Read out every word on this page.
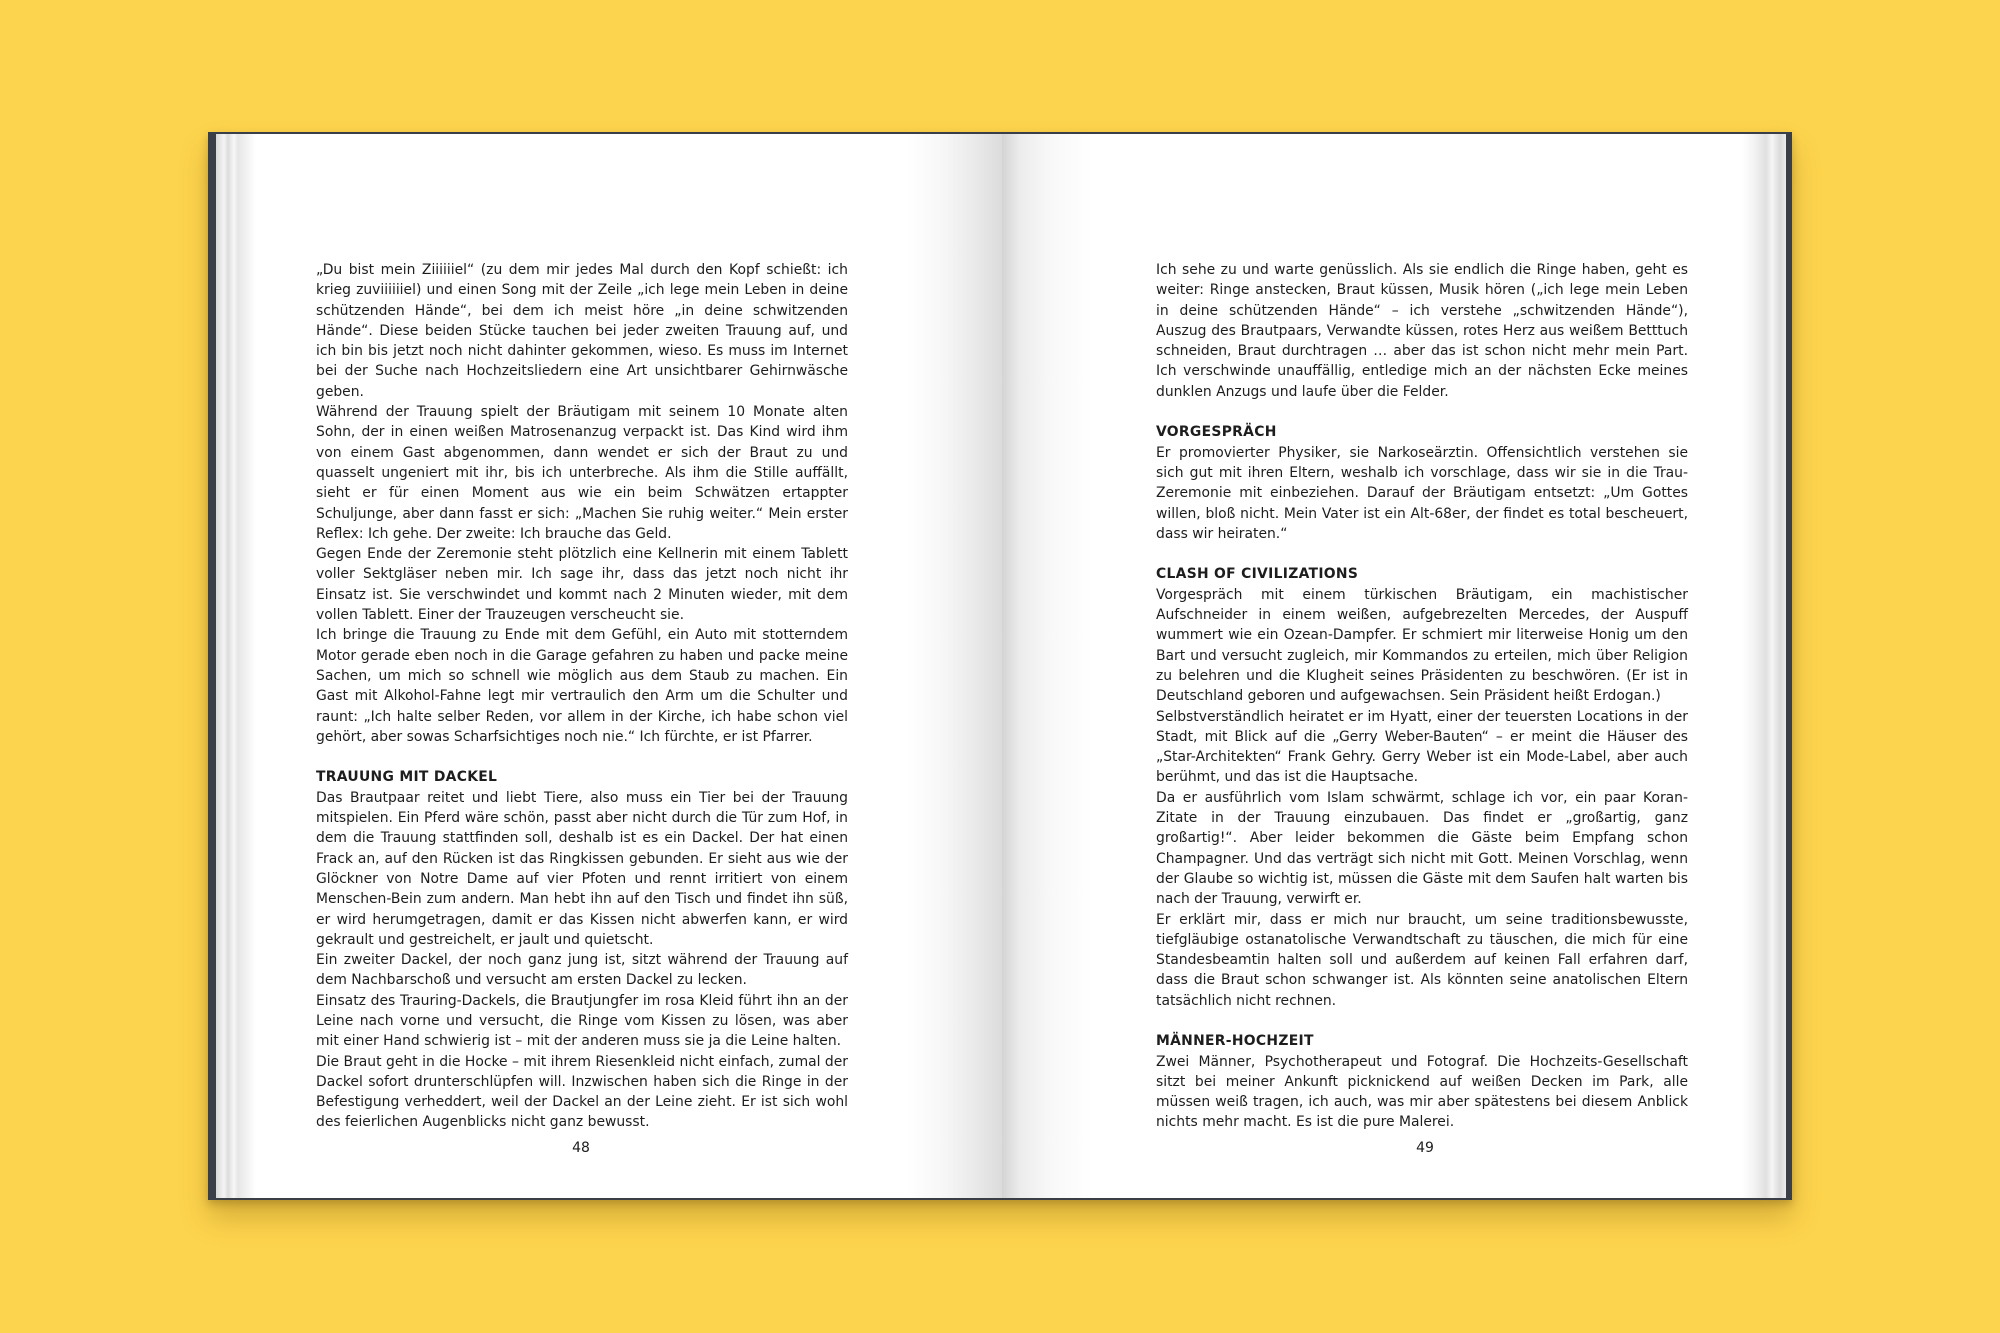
„Du bist mein Ziiiiiiel“ (zu dem mir jedes Mal durch den Kopf schießt: ich krieg zuviiiiiiel) und einen Song mit der Zeile „ich lege mein Leben in deine schützenden Hände“, bei dem ich meist höre „in deine schwitzenden Hände“. Diese beiden Stücke tauchen bei jeder zweiten Trauung auf, und ich bin bis jetzt noch nicht dahinter gekommen, wieso. Es muss im Internet bei der Suche nach Hochzeitsliedern eine Art unsichtbarer Gehirnwäsche geben.

Während der Trauung spielt der Bräutigam mit seinem 10 Monate alten Sohn, der in einen weißen Matrosenanzug verpackt ist. Das Kind wird ihm von einem Gast abgenommen, dann wendet er sich der Braut zu und quasselt ungeniert mit ihr, bis ich unterbreche. Als ihm die Stille auffällt, sieht er für einen Moment aus wie ein beim Schwätzen ertappter Schuljunge, aber dann fasst er sich: „Machen Sie ruhig weiter.“ Mein erster Reflex: Ich gehe. Der zweite: Ich brauche das Geld.

Gegen Ende der Zeremonie steht plötzlich eine Kellnerin mit einem Tablett voller Sektgläser neben mir. Ich sage ihr, dass das jetzt noch nicht ihr Einsatz ist. Sie verschwindet und kommt nach 2 Minuten wieder, mit dem vollen Tablett. Einer der Trauzeugen verscheucht sie.

Ich bringe die Trauung zu Ende mit dem Gefühl, ein Auto mit stotterndem Motor gerade eben noch in die Garage gefahren zu haben und packe meine Sachen, um mich so schnell wie möglich aus dem Staub zu machen. Ein Gast mit Alkohol-Fahne legt mir vertraulich den Arm um die Schulter und raunt: „Ich halte selber Reden, vor allem in der Kirche, ich habe schon viel gehört, aber sowas Scharfsichtiges noch nie.“ Ich fürchte, er ist Pfarrer.

TRAUUNG MIT DACKEL

Das Brautpaar reitet und liebt Tiere, also muss ein Tier bei der Trauung mitspielen. Ein Pferd wäre schön, passt aber nicht durch die Tür zum Hof, in dem die Trauung stattfinden soll, deshalb ist es ein Dackel. Der hat einen Frack an, auf den Rücken ist das Ringkissen gebunden. Er sieht aus wie der Glöckner von Notre Dame auf vier Pfoten und rennt irritiert von einem Menschen-Bein zum andern. Man hebt ihn auf den Tisch und findet ihn süß, er wird herumgetragen, damit er das Kissen nicht abwerfen kann, er wird gekrault und gestreichelt, er jault und quietscht.

Ein zweiter Dackel, der noch ganz jung ist, sitzt während der Trauung auf dem Nachbarschoß und versucht am ersten Dackel zu lecken.

Einsatz des Trauring-Dackels, die Brautjungfer im rosa Kleid führt ihn an der Leine nach vorne und versucht, die Ringe vom Kissen zu lösen, was aber mit einer Hand schwierig ist – mit der anderen muss sie ja die Leine halten.

Die Braut geht in die Hocke – mit ihrem Riesenkleid nicht einfach, zumal der Dackel sofort drunterschlüpfen will. Inzwischen haben sich die Ringe in der Befestigung verheddert, weil der Dackel an der Leine zieht. Er ist sich wohl des feierlichen Augenblicks nicht ganz bewusst.

48

Ich sehe zu und warte genüsslich. Als sie endlich die Ringe haben, geht es weiter: Ringe anstecken, Braut küssen, Musik hören („ich lege mein Leben in deine schützenden Hände“ – ich verstehe „schwitzenden Hände“), Auszug des Brautpaars, Verwandte küssen, rotes Herz aus weißem Betttuch schneiden, Braut durchtragen … aber das ist schon nicht mehr mein Part. Ich verschwinde unauffällig, entledige mich an der nächsten Ecke meines dunklen Anzugs und laufe über die Felder.

VORGESPRÄCH

Er promovierter Physiker, sie Narkoseärztin. Offensichtlich verstehen sie sich gut mit ihren Eltern, weshalb ich vorschlage, dass wir sie in die Trau-Zeremonie mit einbeziehen. Darauf der Bräutigam entsetzt: „Um Gottes willen, bloß nicht. Mein Vater ist ein Alt-68er, der findet es total bescheuert, dass wir heiraten.“

CLASH OF CIVILIZATIONS

Vorgespräch mit einem türkischen Bräutigam, ein machistischer Aufschneider in einem weißen, aufgebrezelten Mercedes, der Auspuff wummert wie ein Ozean-Dampfer. Er schmiert mir literweise Honig um den Bart und versucht zugleich, mir Kommandos zu erteilen, mich über Religion zu belehren und die Klugheit seines Präsidenten zu beschwören. (Er ist in Deutschland geboren und aufgewachsen. Sein Präsident heißt Erdogan.)

Selbstverständlich heiratet er im Hyatt, einer der teuersten Locations in der Stadt, mit Blick auf die „Gerry Weber-Bauten“ – er meint die Häuser des „Star-Architekten“ Frank Gehry. Gerry Weber ist ein Mode-Label, aber auch berühmt, und das ist die Hauptsache.

Da er ausführlich vom Islam schwärmt, schlage ich vor, ein paar Koran-Zitate in der Trauung einzubauen. Das findet er „großartig, ganz großartig!“. Aber leider bekommen die Gäste beim Empfang schon Champagner. Und das verträgt sich nicht mit Gott. Meinen Vorschlag, wenn der Glaube so wichtig ist, müssen die Gäste mit dem Saufen halt warten bis nach der Trauung, verwirft er.

Er erklärt mir, dass er mich nur braucht, um seine traditionsbewusste, tiefgläubige ostanatolische Verwandtschaft zu täuschen, die mich für eine Standesbeamtin halten soll und außerdem auf keinen Fall erfahren darf, dass die Braut schon schwanger ist. Als könnten seine anatolischen Eltern tatsächlich nicht rechnen.

MÄNNER-HOCHZEIT

Zwei Männer, Psychotherapeut und Fotograf. Die Hochzeits-Gesellschaft sitzt bei meiner Ankunft picknickend auf weißen Decken im Park, alle müssen weiß tragen, ich auch, was mir aber spätestens bei diesem Anblick nichts mehr macht. Es ist die pure Malerei.

49
